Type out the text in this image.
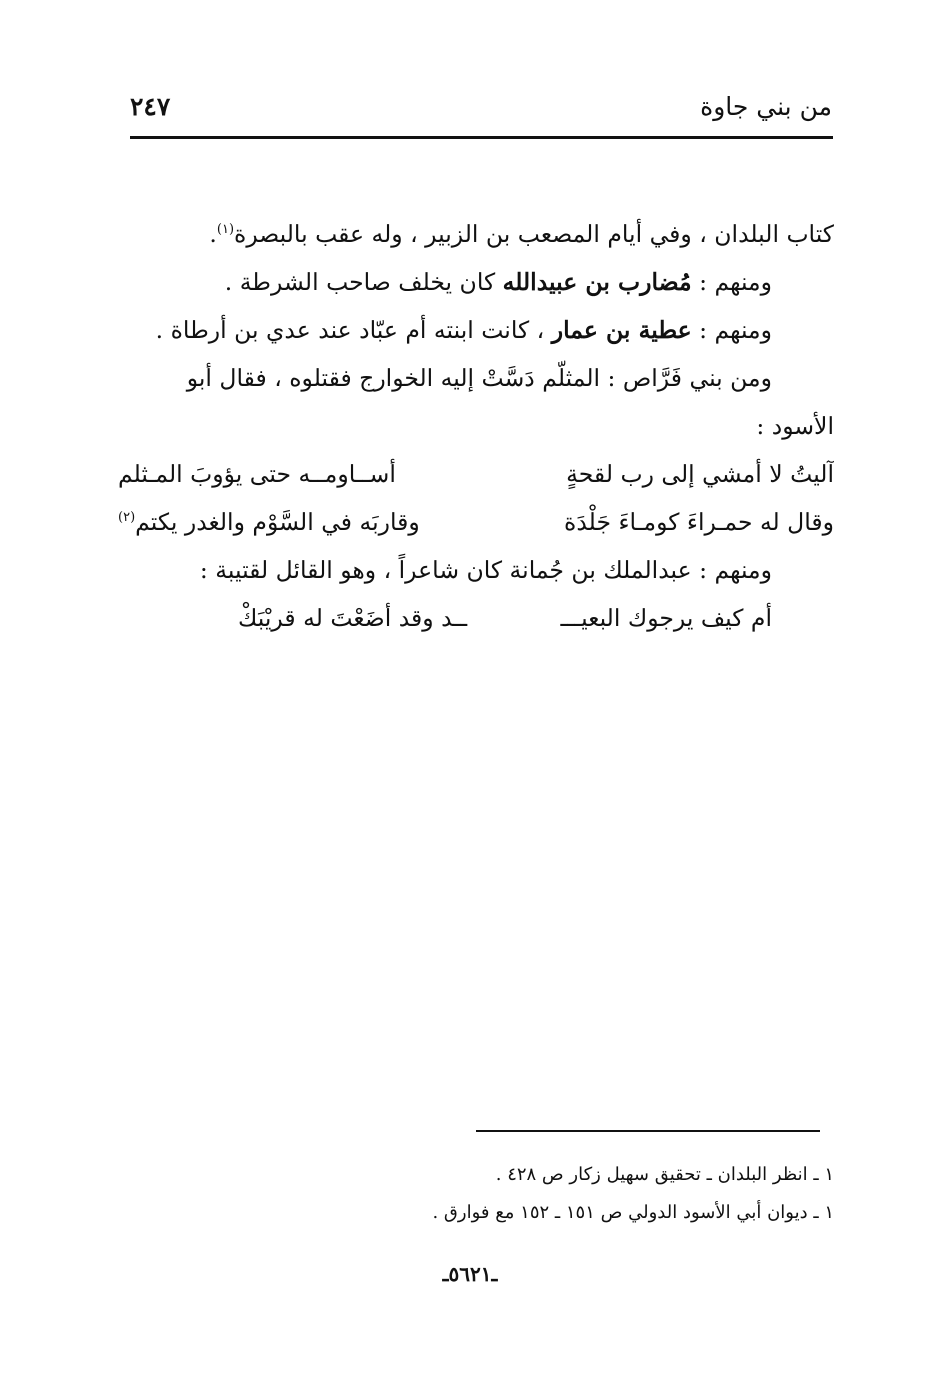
من بني جاوة
٢٤٧
كتاب البلدان ، وفي أيام المصعب بن الزبير ، وله عقب بالبصرة$^{(١)}$.
ومنهم : مُضارب بن عبيدالله كان يخلف صاحب الشرطة .
ومنهم : عطية بن عمار ، كانت ابنته أم عبّاد عند عدي بن أرطاة .
ومن بني فَرَّاص : المثلّم دَسَّتْ إليه الخوارج فقتلوه ، فقال أبو
الأسود :
آليتُ لا أمشي إلى رب لقحةٍ
أســاومــه حتى يؤوبَ المـثلم
وقال له حمـراءَ كومـاءَ جَلْدَة
وقاربَه في السَّوْم والغدر يكتم$^{(٢)}$
ومنهم : عبدالملك بن جُمانة كان شاعراً ، وهو القائل لقتيبة :
أم كيف يرجوك البعيـــ
ــد وقد أضَعْتَ له قريْبَكْ
١ ـ انظر البلدان ـ تحقيق سهيل زكار ص ٤٢٨ .
١ ـ ديوان أبي الأسود الدولي ص ١٥١ ـ ١٥٢ مع فوارق .
ـ٥٦٢١ـ
